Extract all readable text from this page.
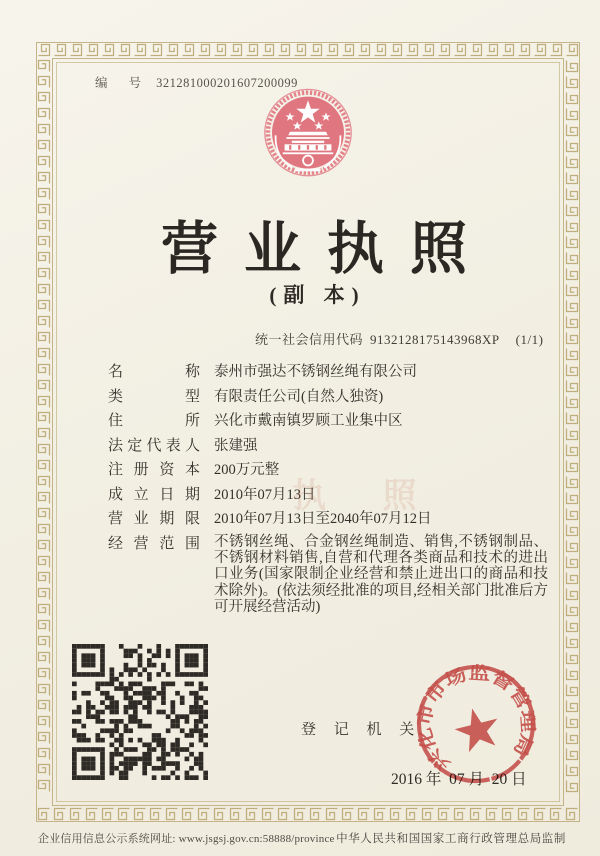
编 号 321281000201607200099
营业执照
(副 本)
统一社会信用代码 9132128175143968XP (1/1)
名称 泰州市强达不锈钢丝绳有限公司
类型 有限责任公司(自然人独资)
住所 兴化市戴南镇罗顾工业集中区
法定代表人 张建强
注册资本 200万元整
成立日期 2010年07月13日
营业期限 2010年07月13日至2040年07月12日
经营范围 不锈钢丝绳、合金钢丝绳制造、销售,不锈钢制品、不锈钢材料销售,自营和代理各类商品和技术的进出口业务(国家限制企业经营和禁止进出口的商品和技术除外)。(依法须经批准的项目,经相关部门批准后方可开展经营活动)
执 照
登 记 机 关
2016 年  07 月  20 日
兴化市市场监督管理局
企业信用信息公示系统网址: www.jsgsj.gov.cn:58888/province 中华人民共和国国家工商行政管理总局监制
